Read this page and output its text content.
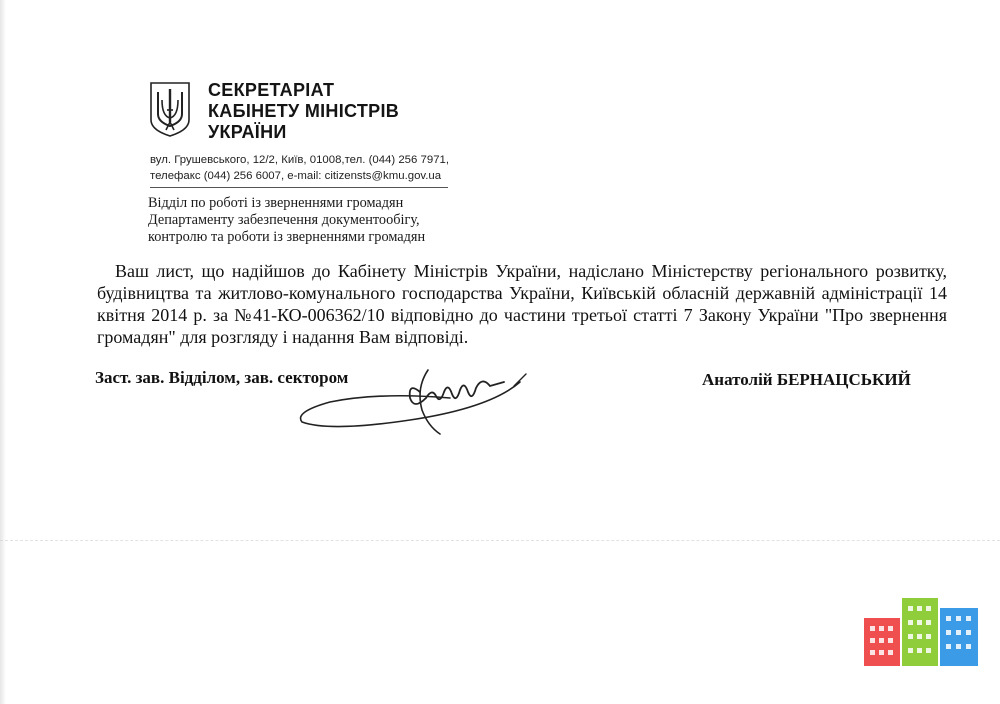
СЕКРЕТАРІАТ
КАБІНЕТУ МІНІСТРІВ
УКРАЇНИ
вул. Грушевського, 12/2, Київ, 01008,тел. (044) 256 7971,
телефакс (044) 256 6007, e-mail: citizensts@kmu.gov.ua
Відділ по роботі із зверненнями громадян
Департаменту забезпечення документообігу,
контролю та роботи із зверненнями громадян

Ваш лист, що надійшов до Кабінету Міністрів України, надіслано Міністерству регіонального розвитку, будівництва та житлово-комунального господарства України, Київській обласній державній адміністрації 14 квітня 2014 р. за №41-КО-006362/10 відповідно до частини третьої статті 7 Закону України "Про звернення громадян" для розгляду і надання Вам відповіді.

Заст. зав. Відділом, зав. сектором	Анатолій БЕРНАЦСЬКИЙ
